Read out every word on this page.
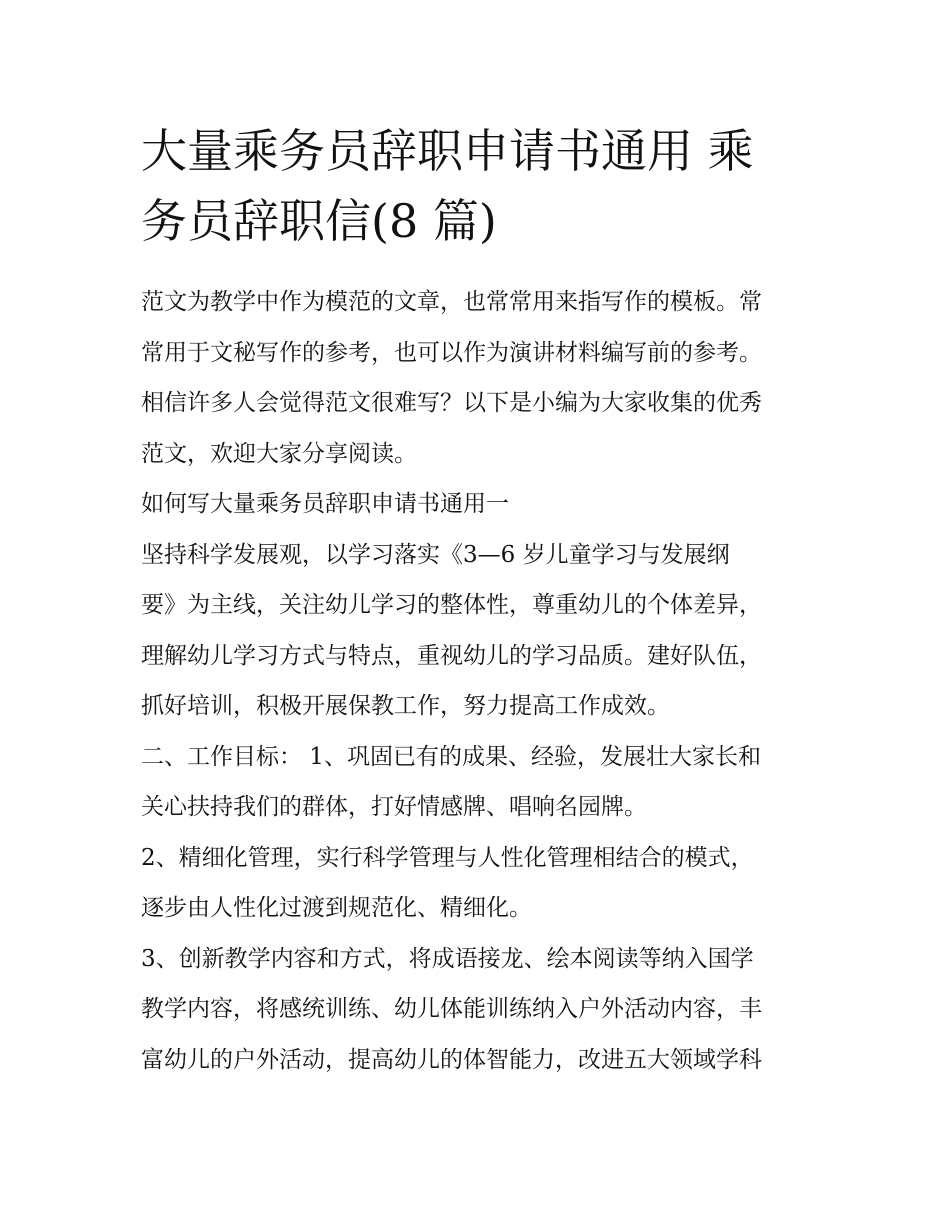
大量乘务员辞职申请书通用 乘
务员辞职信(8 篇)
范文为教学中作为模范的文章，也常常用来指写作的模板。常
常用于文秘写作的参考，也可以作为演讲材料编写前的参考。
相信许多人会觉得范文很难写？以下是小编为大家收集的优秀
范文，欢迎大家分享阅读。
如何写大量乘务员辞职申请书通用一
坚持科学发展观，以学习落实《3—6 岁儿童学习与发展纲
要》为主线，关注幼儿学习的整体性，尊重幼儿的个体差异，
理解幼儿学习方式与特点，重视幼儿的学习品质。建好队伍，
抓好培训，积极开展保教工作，努力提高工作成效。
二、工作目标： 1、巩固已有的成果、经验，发展壮大家长和
关心扶持我们的群体，打好情感牌、唱响名园牌。
2、精细化管理，实行科学管理与人性化管理相结合的模式，
逐步由人性化过渡到规范化、精细化。
3、创新教学内容和方式，将成语接龙、绘本阅读等纳入国学
教学内容，将感统训练、幼儿体能训练纳入户外活动内容，丰
富幼儿的户外活动，提高幼儿的体智能力，改进五大领域学科
